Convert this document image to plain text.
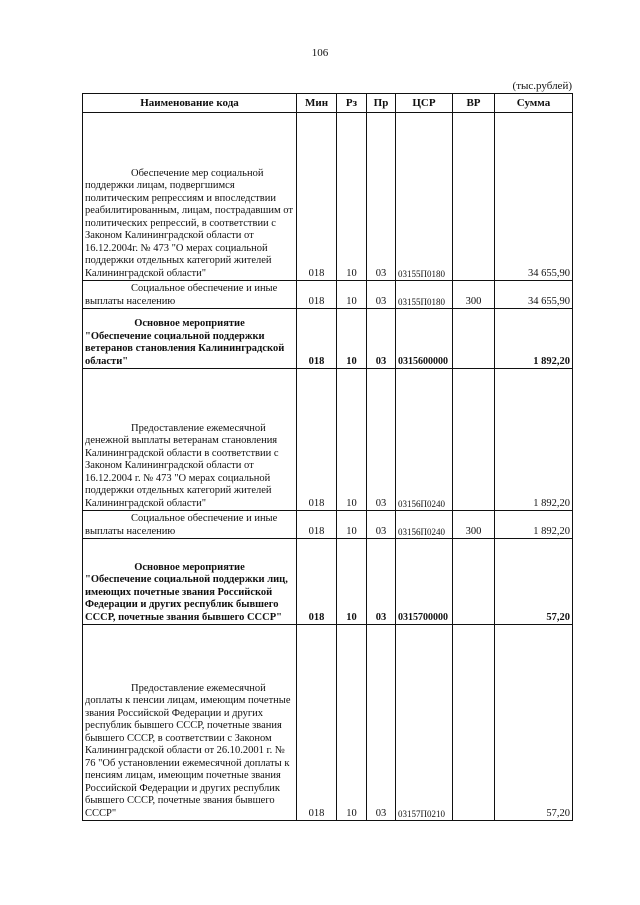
106
(тыс.рублей)
Наименование кода	Мин	Рз	Пр	ЦСР	ВР	Сумма

Обеспечение мер социальной поддержки лицам, подвергшимся политическим репрессиям и впоследствии реабилитированным, лицам, пострадавшим от политических репрессий, в соответствии с Законом Калининградской области от 16.12.2004г. № 473 "О мерах социальной поддержки отдельных категорий жителей Калининградской области"	018	10	03	03155П0180		34 655,90

Социальное обеспечение и иные выплаты населению	018	10	03	03155П0180	300	34 655,90

Основное мероприятие
"Обеспечение социальной поддержки ветеранов становления Калининградской области"	018	10	03	0315600000		1 892,20

Предоставление ежемесячной денежной выплаты ветеранам становления Калининградской области в соответствии с Законом Калининградской области от 16.12.2004 г. № 473 "О мерах социальной поддержки отдельных категорий жителей Калининградской области"	018	10	03	03156П0240		1 892,20

Социальное обеспечение и иные выплаты населению	018	10	03	03156П0240	300	1 892,20

Основное мероприятие
"Обеспечение социальной поддержки лиц, имеющих почетные звания Российской Федерации и других республик бывшего СССР, почетные звания бывшего СССР"	018	10	03	0315700000		57,20

Предоставление ежемесячной доплаты к пенсии лицам, имеющим почетные звания Российской Федерации и других республик бывшего СССР, почетные звания бывшего СССР, в соответствии с Законом Калининградской области от 26.10.2001 г. № 76 "Об установлении ежемесячной доплаты к пенсиям лицам, имеющим почетные звания Российской Федерации и других республик бывшего СССР, почетные звания бывшего СССР"	018	10	03	03157П0210		57,20
